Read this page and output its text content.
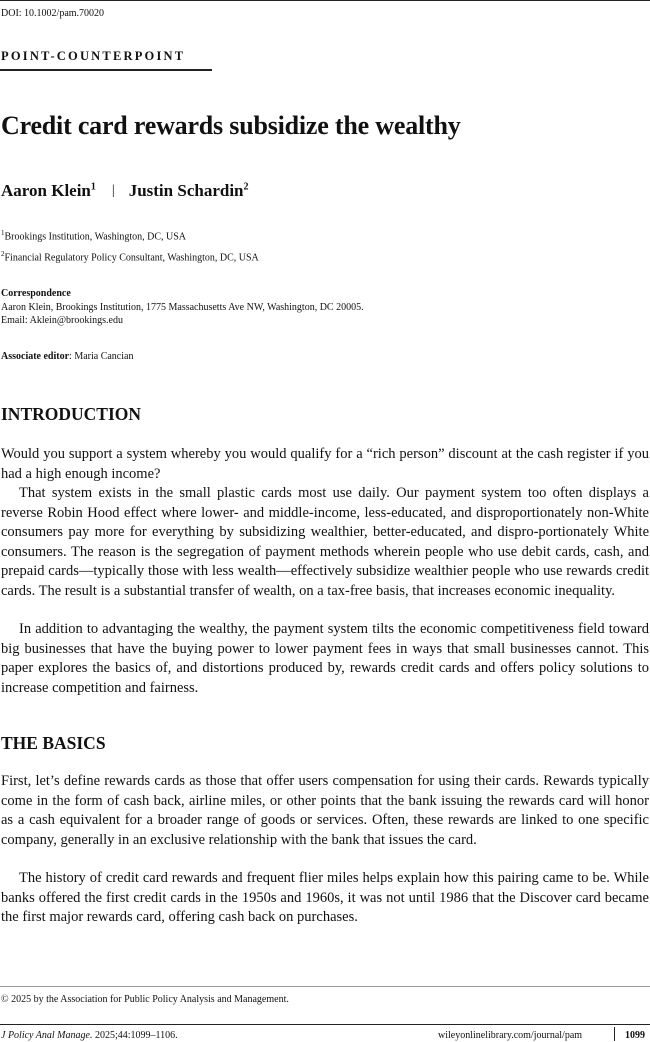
DOI: 10.1002/pam.70020
POINT-COUNTERPOINT
Credit card rewards subsidize the wealthy
Aaron Klein$^1$ | Justin Schardin$^2$
$^1$Brookings Institution, Washington, DC, USA
$^2$Financial Regulatory Policy Consultant, Washington, DC, USA
Correspondence
Aaron Klein, Brookings Institution, 1775 Massachusetts Ave NW, Washington, DC 20005.
Email: Aklein@brookings.edu
Associate editor: Maria Cancian
INTRODUCTION

Would you support a system whereby you would qualify for a “rich person” discount at the cash register if you had a high enough income?

That system exists in the small plastic cards most use daily. Our payment system too often displays a reverse Robin Hood effect where lower- and middle-income, less-educated, and disproportionately non-White consumers pay more for everything by subsidizing wealthier, better-educated, and dispro-portionately White consumers. The reason is the segregation of payment methods wherein people who use debit cards, cash, and prepaid cards—typically those with less wealth—effectively subsidize wealthier people who use rewards credit cards. The result is a substantial transfer of wealth, on a tax-free basis, that increases economic inequality.

In addition to advantaging the wealthy, the payment system tilts the economic competitiveness field toward big businesses that have the buying power to lower payment fees in ways that small businesses cannot. This paper explores the basics of, and distortions produced by, rewards credit cards and offers policy solutions to increase competition and fairness.

THE BASICS

First, let’s define rewards cards as those that offer users compensation for using their cards. Rewards typically come in the form of cash back, airline miles, or other points that the bank issuing the rewards card will honor as a cash equivalent for a broader range of goods or services. Often, these rewards are linked to one specific company, generally in an exclusive relationship with the bank that issues the card.

The history of credit card rewards and frequent flier miles helps explain how this pairing came to be. While banks offered the first credit cards in the 1950s and 1960s, it was not until 1986 that the Discover card became the first major rewards card, offering cash back on purchases.

© 2025 by the Association for Public Policy Analysis and Management.
J Policy Anal Manage. 2025;44:1099–1106.	wileyonlinelibrary.com/journal/pam	1099
